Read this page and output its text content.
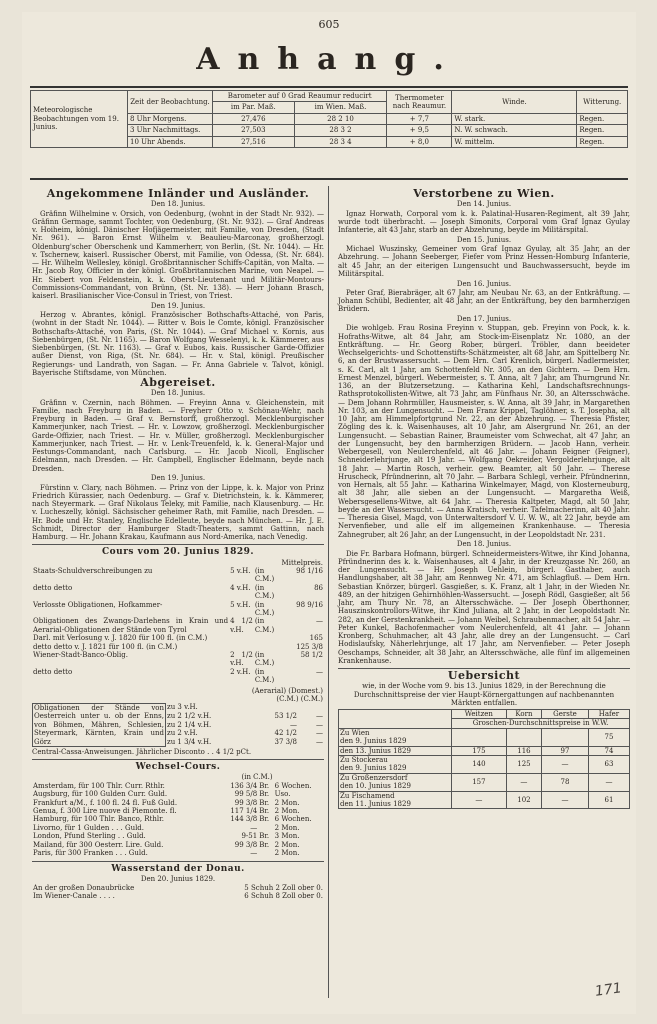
605
Anhang.
Meteorologische Beobachtungen vom 19. Junius.	Zeit der Beobachtung.	Barometer auf 0 Grad Reaumur reducirt		Thermometer nach Reaumur.	Winde.	Witterung.
		im Par. Maß.	im Wien. Maß.			
	8 Uhr Morgens.	27,476	28 2 10	+ 7,7	W. stark.	Regen.
	3 Uhr Nachmittags.	27,503	28 3 2	+ 9,5	N. W. schwach.	Regen.
	10 Uhr Abends.	27,516	28 3 4	+ 8,0	W. mittelm.	Regen.
Angekommene Inländer und Ausländer.
Den 18. Junius.

Gräfinn Wilhelmine v. Orsich, von Oedenburg, (wohnt in der Stadt Nr. 932). — Gräfinn Germage, sammt Tochter, von Oedenburg, (St. Nr. 932). — Graf Andreas v. Hoiheim, königl. Dänischer Hofjägermeister, mit Familie, von Dresden, (Stadt Nr. 961). — Baron Ernst Wilhelm v. Beaulieu-Marconay, großherzogl. Oldenburg'scher Oberschenk und Kammerherr, von Berlin, (St. Nr. 1044). — Hr. v. Tschernew, kaiserl. Russischer Oberst, mit Familie, von Odessa, (St. Nr. 684). — Hr. Wilhelm Wellesley, königl. Großbritannischer Schiffs-Capitän, von Malta. — Hr. Jacob Roy, Officier in der königl. Großbritannischen Marine, von Neapel. — Hr. Siebert von Feldenstein, k. k. Oberst-Lieutenant und Militär-Montours-Commissions-Commandant, von Brünn, (St. Nr. 138). — Herr Johann Brasch, kaiserl. Brasilianischer Vice-Consul in Triest, von Triest.

Den 19. Junius.

Herzog v. Abrantes, königl. Französischer Bothschafts-Attaché, von Paris, (wohnt in der Stadt Nr. 1044). — Ritter v. Bois le Comte, königl. Französischer Bothschafts-Attaché, von Paris, (St. Nr. 1044). — Graf Michael v. Kornis, aus Siebenbürgen, (St. Nr. 1165). — Baron Wolfgang Wesselenyi, k. k. Kämmerer, aus Siebenbürgen, (St. Nr. 1163). — Graf v. Eubos, kais. Russischer Garde-Offizier außer Dienst, von Riga, (St. Nr. 684). — Hr. v. Stal, königl. Preußischer Regierungs- und Landrath, von Sagan. — Fr. Anna Gabriele v. Talvot, königl. Bayerische Stiftsdame, von München.

Abgereiset.
Den 18. Junius.

Gräfinn v. Czernin, nach Böhmen. — Freyinn Anna v. Gleichenstein, mit Familie, nach Freyburg in Baden. — Freyherr Otto v. Schönau-Wehr, nach Freyburg in Baden. — Graf v. Bernstorff, großherzogl. Mecklenburgischer Kammerjunker, nach Triest. — Hr. v. Lowzow, großherzogl. Mecklenburgischer Garde-Offizier, nach Triest. — Hr. v. Müller, großherzogl. Mecklenburgischer Kammerjunker, nach Triest. — Hr. v. Lenk-Treuenfeld, k. k. General-Major und Festungs-Commandant, nach Carlsburg. — Hr. Jacob Nicoll, Englischer Edelmann, nach Dresden. — Hr. Campbell, Englischer Edelmann, beyde nach Dresden.

Den 19. Junius.

Fürstinn v. Clary, nach Böhmen. — Prinz von der Lippe, k. k. Major von Prinz Friedrich Kürassier, nach Oedenburg. — Graf v. Dietrichstein, k. k. Kämmerer, nach Steyermark. — Graf Nikolaus Teleky, mit Familie, nach Klausenburg. — Hr. v. Lucheszelly, königl. Sächsischer geheimer Rath, mit Familie, nach Dresden. — Hr. Bode und Hr. Stanley, Englische Edelleute, beyde nach München. — Hr. J. E. Schmidt, Director der Hamburger Stadt-Theaters, sammt Gattinn, nach Hamburg. — Hr. Johann Krakau, Kaufmann aus Nord-Amerika, nach Venedig.

Cours vom 20. Junius 1829.
			Mittelpreis.
Staats-Schuldverschreibungen zu	5 v.H.	(in C.M.)	98 1/16
detto detto	4 v.H.	(in C.M.)	86
Verlosste Obligationen, Hofkammer-	5 v.H.	(in C.M.)	98 9/16
Obligationen des Zwangs-Darlehens in Krain und Aerarial-Obligationen der Stände von Tyrol	4 1/2 v.H.	(in C.M.)	—
Darl. mit Verlosung v. J. 1820 für 100 fl. (in C.M.)			165
detto detto v. J. 1821 für 100 fl. (in C.M.)			125 3/8
Wiener-Stadt-Banco-Oblig.	2 1/2 v.H.	(in C.M.)	58 1/2
detto detto	2 v.H.	(in C.M.)	—
		(Aerarial) (Domest.)	
		(C.M.) (C.M.)	
Obligationen der Stände von Oesterreich unter u. ob der Enns, von Böhmen, Mähren, Schlesien, Steyermark, Kärnten, Krain und Görz	zu 3 v.H.		
	zu 2 1/2 v.H.	53 1/2	—
	zu 2 1/4 v.H.	—	—
	zu 2 v.H.	42 1/2	—
	zu 1 3/4 v.H.	37 3/8	—
Central-Cassa-Anweisungen. Jährlicher Disconto . . 4 1/2 pCt.
Wechsel-Cours.
	(in C.M.)		
Amsterdam, für 100 Thlr. Curr. Rthlr.	136 3/4	Br.	6 Wochen.
Augsburg, für 100 Gulden Curr. Guld.	99 5/8	Br.	Uso.
Frankfurt a/M., f. 100 fl. 24 fl. Fuß Guld.	99 3/8	Br.	2 Mon.
Genua, f. 300 Lire nuove di Piemonte. fl.	117 1/4	Br.	2 Mon.
Hamburg, für 100 Thlr. Banco, Rthlr.	144 3/8	Br.	6 Wochen.
Livorno, für 1 Gulden . . . Guld.	—		2 Mon.
London, Pfund Sterling . . Guld.	9-51	Br.	3 Mon.
Mailand, für 300 Oesterr. Lire. Guld.	99 3/8	Br.	2 Mon.
Paris, für 300 Franken . . . Guld.	—		2 Mon.
Wasserstand der Donau.
Den 20. Junius 1829.
An der großen Donaubrücke	5 Schuh 2 Zoll ober 0.
Im Wiener-Canale . . . .	6 Schuh 8 Zoll ober 0.
Verstorbene zu Wien.
Den 14. Junius.

Ignaz Horwath, Corporal vom k. k. Palatinal-Husaren-Regiment, alt 39 Jahr, wurde todt überbracht. — Joseph Simonits, Corporal vom Graf Ignaz Gyulay Infanterie, alt 43 Jahr, starb an der Abzehrung, beyde im Militärspital.

Den 15. Junius.

Michael Wuszinsky, Gemeiner vom Graf Ignaz Gyulay, alt 35 Jahr, an der Abzehrung. — Johann Seeberger, Fiefer vom Prinz Hessen-Homburg Infanterie, alt 45 Jahr, an der eiterigen Lungensucht und Bauchwassersucht, beyde im Militärspital.

Den 16. Junius.

Peter Graf, Bierabräger, alt 67 Jahr, am Neubau Nr. 63, an der Entkräftung. — Johann Schübl, Bedienter, alt 48 Jahr, an der Entkräftung, bey den barmherzigen Brüdern.

Den 17. Junius.

Die wohlgeb. Frau Rosina Freyinn v. Stuppan, geb. Freyinn von Pock, k. k. Hofraths-Witwe, alt 84 Jahr, am Stock-im-Eisenplatz Nr. 1080, an der Entkräftung. — Hr. Georg Rober, bürgerl. Tröbler, dann beeideter Wechselgerichts- und Schottenstifts-Schätzmeister, alt 68 Jahr, am Spittelberg Nr. 6, an der Brustwassersucht. — Dem Hrn. Carl Krenlich, bürgerl. Nadlermeister, s. K. Carl, alt 1 Jahr, am Schottenfeld Nr. 305, an den Gichtern. — Dem Hrn. Ernest Menzel, bürgerl. Webermeister, s. T. Anna, alt 7 Jahr, am Thurngrund Nr. 136, an der Blutzersetzung. — Katharina Kehl, Landschaftsrechnungs-Rathsprotokollisten-Witwe, alt 73 Jahr, am Fünfhaus Nr. 30, an Altersschwäche. — Dem Johann Rohrmüller, Hausmeister, s. W. Anna, alt 39 Jahr, in Margarethen Nr. 103, an der Lungensucht. — Dem Franz Krippel, Taglöhner, s. T. Josepha, alt 10 Jahr, am Himmelpfortgrund Nr. 22, an der Abzehrung. — Theresia Pfister, Zögling des k. k. Waisenhauses, alt 10 Jahr, am Alsergrund Nr. 261, an der Lungensucht. — Sebastian Rainer, Braumeister vom Schwechat, alt 47 Jahr, an der Lungensucht, bey den barmherzigen Brüdern. — Jacob Hann, verheir. Webergesell, von Neulerchenfeld, alt 46 Jahr. — Johann Feigner (Feigner), Schneiderlehrjunge, alt 19 Jahr. — Wolfgang Oekreider, Vergolderlehrjunge, alt 18 Jahr. — Martin Rosch, verheir. gew. Beamter, alt 50 Jahr. — Therese Hruscheck, Pfründnerinn, alt 70 Jahr. — Barbara Schlegl, verheir. Pfründnerinn, von Hernals, alt 55 Jahr. — Katharina Winkelmayer, Magd, von Klosterneuburg, alt 38 Jahr, alle sieben an der Lungensucht. — Margaretha Weiß, Webersgesellens-Witwe, alt 64 Jahr. — Theresia Kaltpeter, Magd, alt 50 Jahr, beyde an der Wassersucht. — Anna Kratisch, verheir. Tafelmacherinn, alt 40 Jahr. — Theresia Gisel, Magd, von Unterwaltersdorf V. U. W. W., alt 22 Jahr, beyde am Nervenfieber, und alle elf im allgemeinen Krankenhause. — Theresia Zahnegruber, alt 26 Jahr, an der Lungensucht, in der Leopoldstadt Nr. 231.

Den 18. Junius.

Die Fr. Barbara Hofmann, bürgerl. Schneidermeisters-Witwe, ihr Kind Johanna, Pfründnerinn des k. k. Waisenhauses, alt 4 Jahr, in der Kreuzgasse Nr. 260, an der Lungensucht. — Hr. Joseph Uehlein, bürgerl. Gasthaber, auch Handlungshaber, alt 38 Jahr, am Rennweg Nr. 471, am Schlagfluß. — Dem Hrn. Sebastian Knörzer, bürgerl. Gasgießer, s. K. Franz, alt 1 Jahr, in der Wieden Nr. 489, an der hitzigen Gehirnhöhlen-Wassersucht. — Joseph Rödl, Gasgießer, alt 56 Jahr, am Thury Nr. 78, an Altersschwäche. — Der Joseph Oberthonner, Hauszinskontrollors-Witwe, ihr Kind Juliana, alt 2 Jahr, in der Leopoldstadt Nr. 282, an der Gerstenkrankheit. — Johann Weibel, Schraubenmacher, alt 54 Jahr. — Peter Kunkel, Bachofenmacher vom Neulerchenfeld, alt 41 Jahr. — Johann Kronberg, Schuhmacher, alt 43 Jahr, alle drey an der Lungensucht. — Carl Hodislaufsky, Näherlehrjunge, alt 17 Jahr, am Nervenfieber. — Peter Joseph Oeschamps, Schneider, alt 38 Jahr, an Altersschwäche, alle fünf im allgemeinen Krankenhause.

Uebersicht

wie, in der Woche vom 9. bis 13. Junius 1829, in der Berechnung die Durchschnittspreise der vier Haupt-Körnergattungen auf nachbenannten Märkten entfallen.

	Weitzen	Korn	Gerste	Hafer
	Groschen-Durchschnittspreise in W.W.			
Zu Wien
den 9. Junius 1829				75
den 13. Junius 1829	175	116	97	74
Zu Stockerau
den 9. Junius 1829	140	125	—	63
Zu Großenzersdorf
den 10. Junius 1829	157	—	78	—
Zu Fischamend
den 11. Junius 1829	—	102	—	61
171
